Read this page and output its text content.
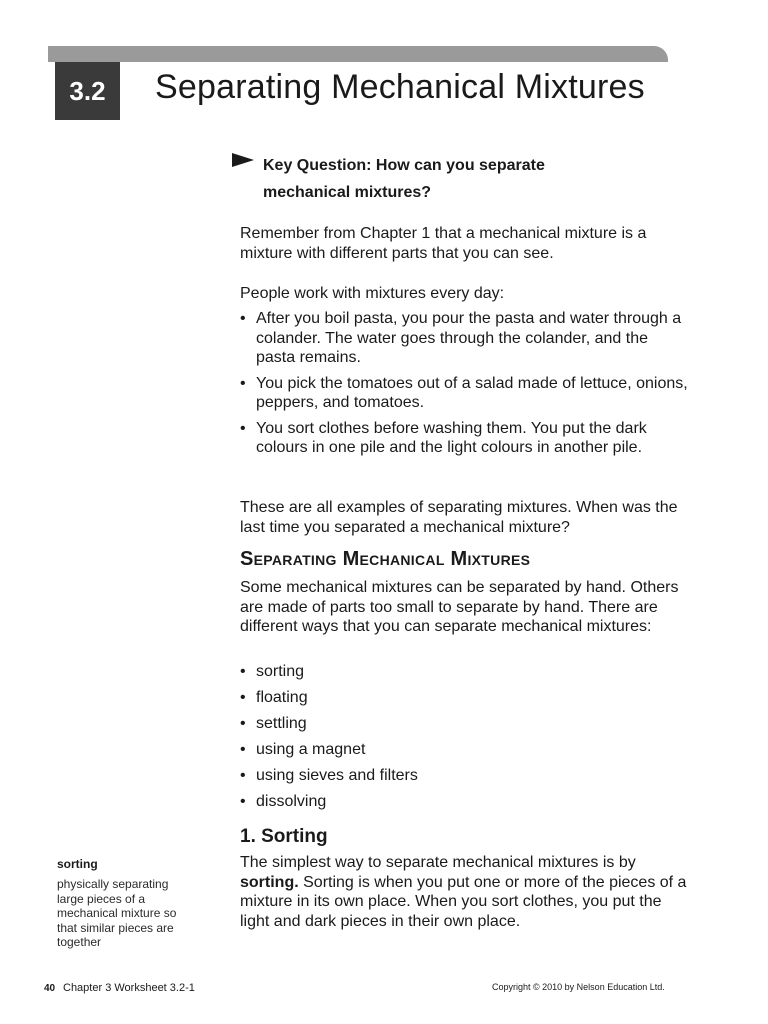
3.2	Separating Mechanical Mixtures
Key Question: How can you separate
mechanical mixtures?

Remember from Chapter 1 that a mechanical mixture is a mixture with different parts that you can see.

People work with mixtures every day:

• After you boil pasta, you pour the pasta and water through a colander. The water goes through the colander, and the pasta remains.
• You pick the tomatoes out of a salad made of lettuce, onions, peppers, and tomatoes.
• You sort clothes before washing them. You put the dark colours in one pile and the light colours in another pile.

These are all examples of separating mixtures. When was the last time you separated a mechanical mixture?

Separating Mechanical Mixtures

Some mechanical mixtures can be separated by hand. Others are made of parts too small to separate by hand. There are different ways that you can separate mechanical mixtures:

• sorting
• floating
• settling
• using a magnet
• using sieves and filters
• dissolving
1. Sorting

The simplest way to separate mechanical mixtures is by sorting. Sorting is when you put one or more of the pieces of a mixture in its own place. When you sort clothes, you put the light and dark pieces in their own place.

sorting
physically separating large pieces of a mechanical mixture so that similar pieces are together
40 Chapter 3 Worksheet 3.2-1	Copyright © 2010 by Nelson Education Ltd.
